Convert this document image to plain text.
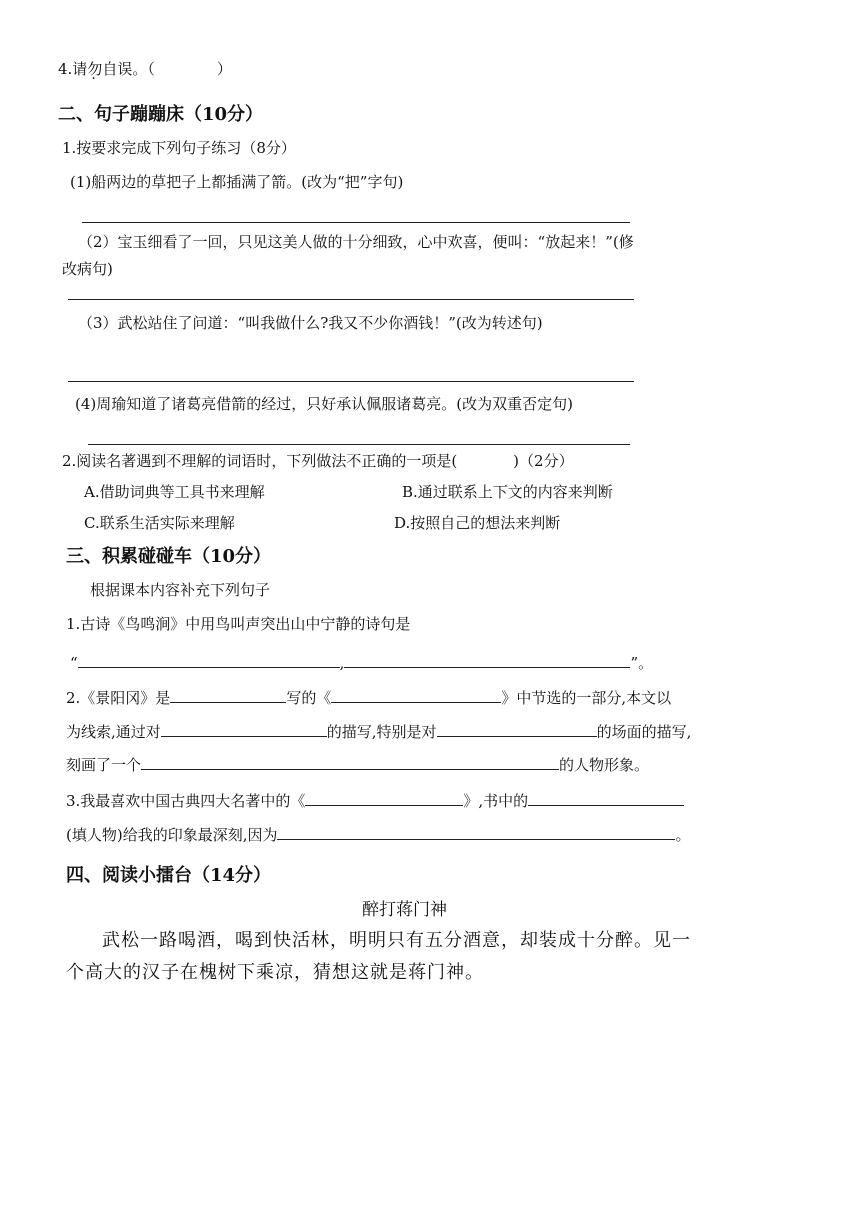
4.请勿自误。（	）
二、句子蹦蹦床（10分）
1.按要求完成下列句子练习（8分）
(1)船两边的草把子上都插满了箭。(改为“把”字句)
（2）宝玉细看了一回，只见这美人做的十分细致，心中欢喜，便叫：“放起来！”(修
改病句)
（3）武松站住了问道：“叫我做什么?我又不少你酒钱！”(改为转述句)
(4)周瑜知道了诸葛亮借箭的经过，只好承认佩服诸葛亮。(改为双重否定句)
2.阅读名著遇到不理解的词语时，下列做法不正确的一项是(	)（2分）
A.借助词典等工具书来理解	B.通过联系上下文的内容来判断
C.联系生活实际来理解	D.按照自己的想法来判断
三、积累碰碰车（10分）
根据课本内容补充下列句子
1.古诗《鸟鸣涧》中用鸟叫声突出山中宁静的诗句是
“	,	”。
2.《景阳冈》是	写的《	》中节选的一部分,本文以
为线索,通过对	的描写,特别是对	的场面的描写,
刻画了一个	的人物形象。
3.我最喜欢中国古典四大名著中的《	》,书中的
(填人物)给我的印象最深刻,因为	。
四、阅读小擂台（14分）
醉打蒋门神
武松一路喝酒，喝到快活林，明明只有五分酒意，却装成十分醉。见一
个高大的汉子在槐树下乘凉，猜想这就是蒋门神。
